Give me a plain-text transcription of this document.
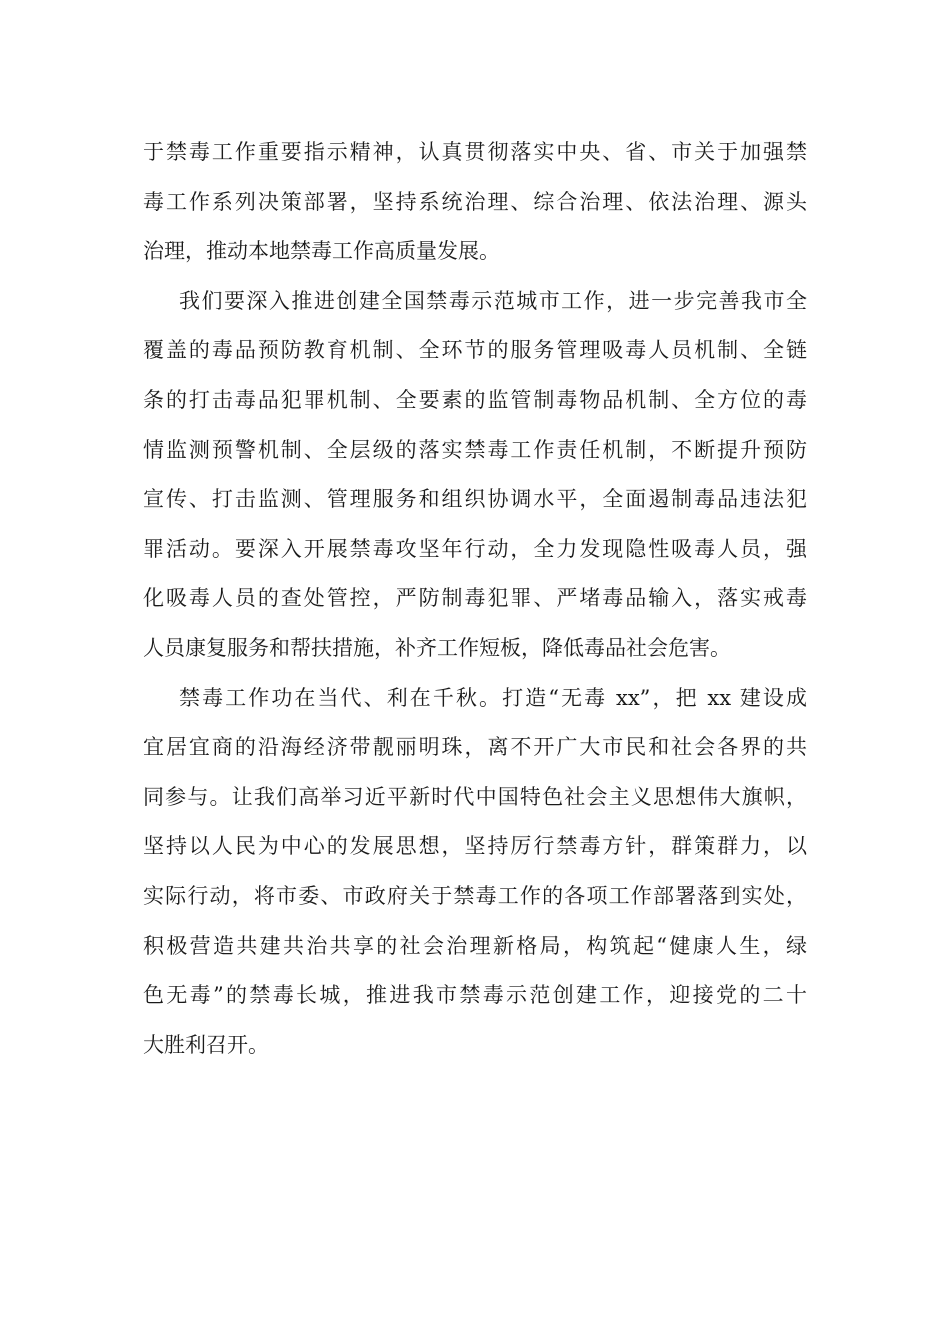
于禁毒工作重要指示精神，认真贯彻落实中央、省、市关于加强禁
毒工作系列决策部署，坚持系统治理、综合治理、依法治理、源头
治理，推动本地禁毒工作高质量发展。
我们要深入推进创建全国禁毒示范城市工作，进一步完善我市全
覆盖的毒品预防教育机制、全环节的服务管理吸毒人员机制、全链
条的打击毒品犯罪机制、全要素的监管制毒物品机制、全方位的毒
情监测预警机制、全层级的落实禁毒工作责任机制，不断提升预防
宣传、打击监测、管理服务和组织协调水平，全面遏制毒品违法犯
罪活动。要深入开展禁毒攻坚年行动，全力发现隐性吸毒人员，强
化吸毒人员的查处管控，严防制毒犯罪、严堵毒品输入，落实戒毒
人员康复服务和帮扶措施，补齐工作短板，降低毒品社会危害。
禁毒工作功在当代、利在千秋。打造“无毒 xx”，把 xx 建设成
宜居宜商的沿海经济带靓丽明珠，离不开广大市民和社会各界的共
同参与。让我们高举习近平新时代中国特色社会主义思想伟大旗帜，
坚持以人民为中心的发展思想，坚持厉行禁毒方针，群策群力，以
实际行动，将市委、市政府关于禁毒工作的各项工作部署落到实处，
积极营造共建共治共享的社会治理新格局，构筑起“健康人生，绿
色无毒”的禁毒长城，推进我市禁毒示范创建工作，迎接党的二十
大胜利召开。
